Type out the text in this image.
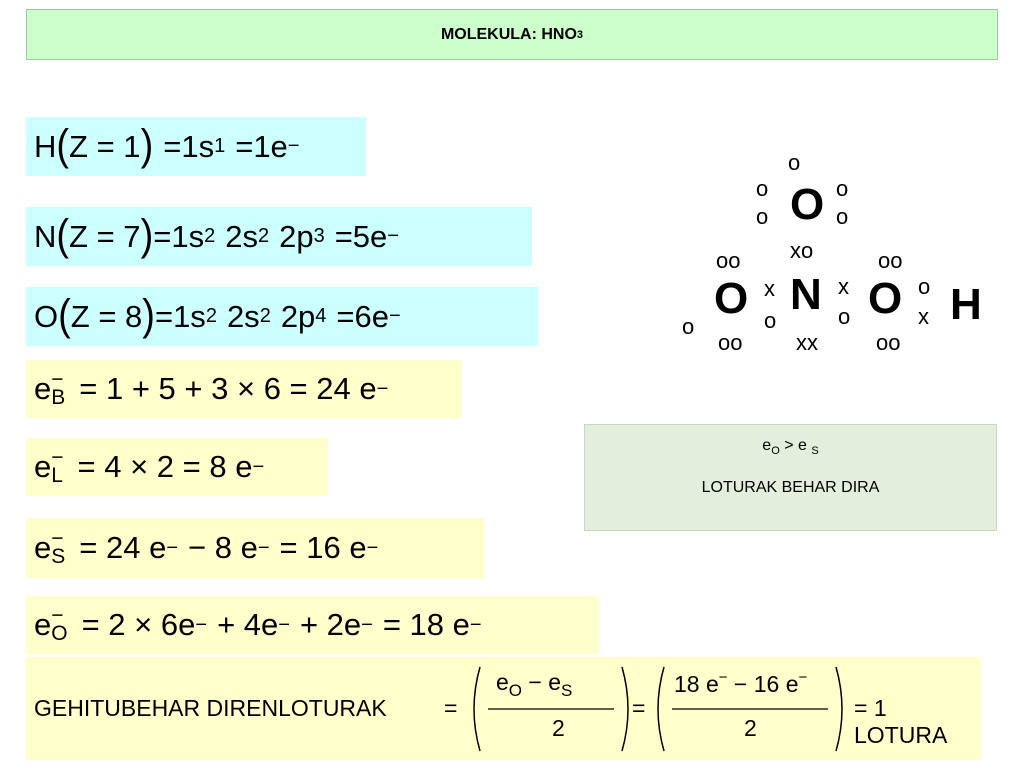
MOLEKULA: HNO 3
H ( Z = 1 ) = 1s 1 = 1e −
N ( Z = 7 ) = 1s 2 2s 2 2p 3 = 5e −
O ( Z = 8 ) = 1s 2 2s 2 2p 4 = 6e −
e −
B = 1 + 5 + 3 × 6 = 24 e −
e −
L = 4 × 2 = 8 e −
e −
S = 24 e − − 8 e − = 16 e −
e −
O = 2 × 6e − + 4e − + 2e − = 18 e −
o
o
o
o
o
O
xo
oo
o
O
oo
x
o
N
xx
x
o
oo
O
oo
o
x H
$e_O > e$ $_S$
LOTURAK BEHAR DIRA
GEHITUBEHAR DIRENLOTURAK =
$e_O - e_S$
2
=
18 e− − 16 e−
2
= 1 LOTURA
